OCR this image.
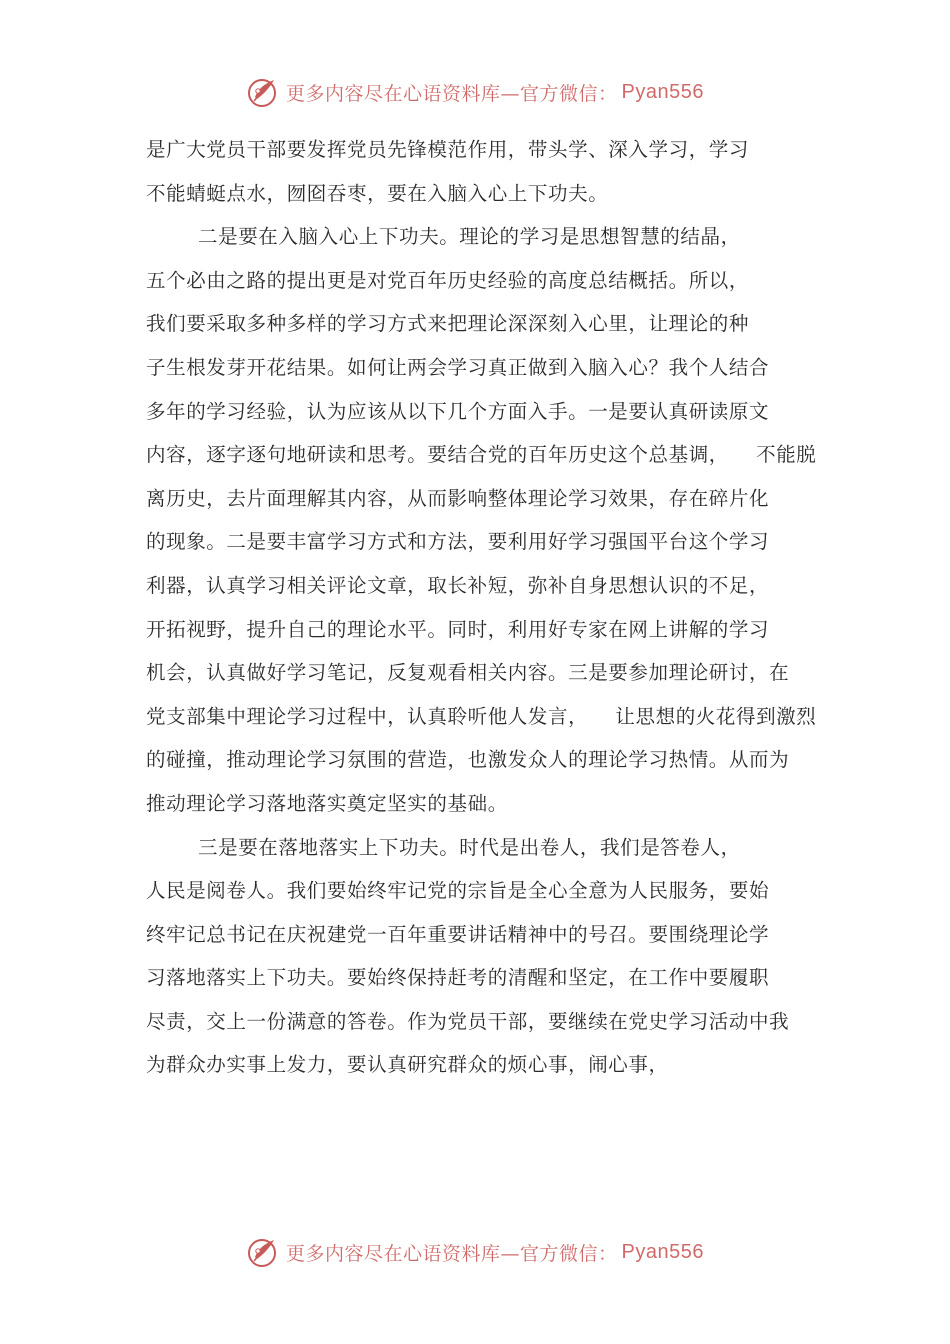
更多内容尽在心语资料库—官方微信： Pyan556
是广大党员干部要发挥党员先锋模范作用，带头学、深入学习，学习
不能蜻蜓点水，囫囵吞枣，要在入脑入心上下功夫。
二是要在入脑入心上下功夫。理论的学习是思想智慧的结晶，
五个必由之路的提出更是对党百年历史经验的高度总结概括。所以，
我们要采取多种多样的学习方式来把理论深深刻入心里，让理论的种
子生根发芽开花结果。如何让两会学习真正做到入脑入心？我个人结合
多年的学习经验，认为应该从以下几个方面入手。一是要认真研读原文
内容，逐字逐句地研读和思考。要结合党的百年历史这个总基调，    不能脱
离历史，去片面理解其内容，从而影响整体理论学习效果，存在碎片化
的现象。二是要丰富学习方式和方法，要利用好学习强国平台这个学习
利器，认真学习相关评论文章，取长补短，弥补自身思想认识的不足，
开拓视野，提升自己的理论水平。同时，利用好专家在网上讲解的学习
机会，认真做好学习笔记，反复观看相关内容。三是要参加理论研讨，在
党支部集中理论学习过程中，认真聆听他人发言，    让思想的火花得到激烈
的碰撞，推动理论学习氛围的营造，也激发众人的理论学习热情。从而为
推动理论学习落地落实奠定坚实的基础。
三是要在落地落实上下功夫。时代是出卷人，我们是答卷人，
人民是阅卷人。我们要始终牢记党的宗旨是全心全意为人民服务，要始
终牢记总书记在庆祝建党一百年重要讲话精神中的号召。要围绕理论学
习落地落实上下功夫。要始终保持赶考的清醒和坚定，在工作中要履职
尽责，交上一份满意的答卷。作为党员干部，要继续在党史学习活动中我
为群众办实事上发力，要认真研究群众的烦心事，闹心事，
更多内容尽在心语资料库—官方微信： Pyan556
